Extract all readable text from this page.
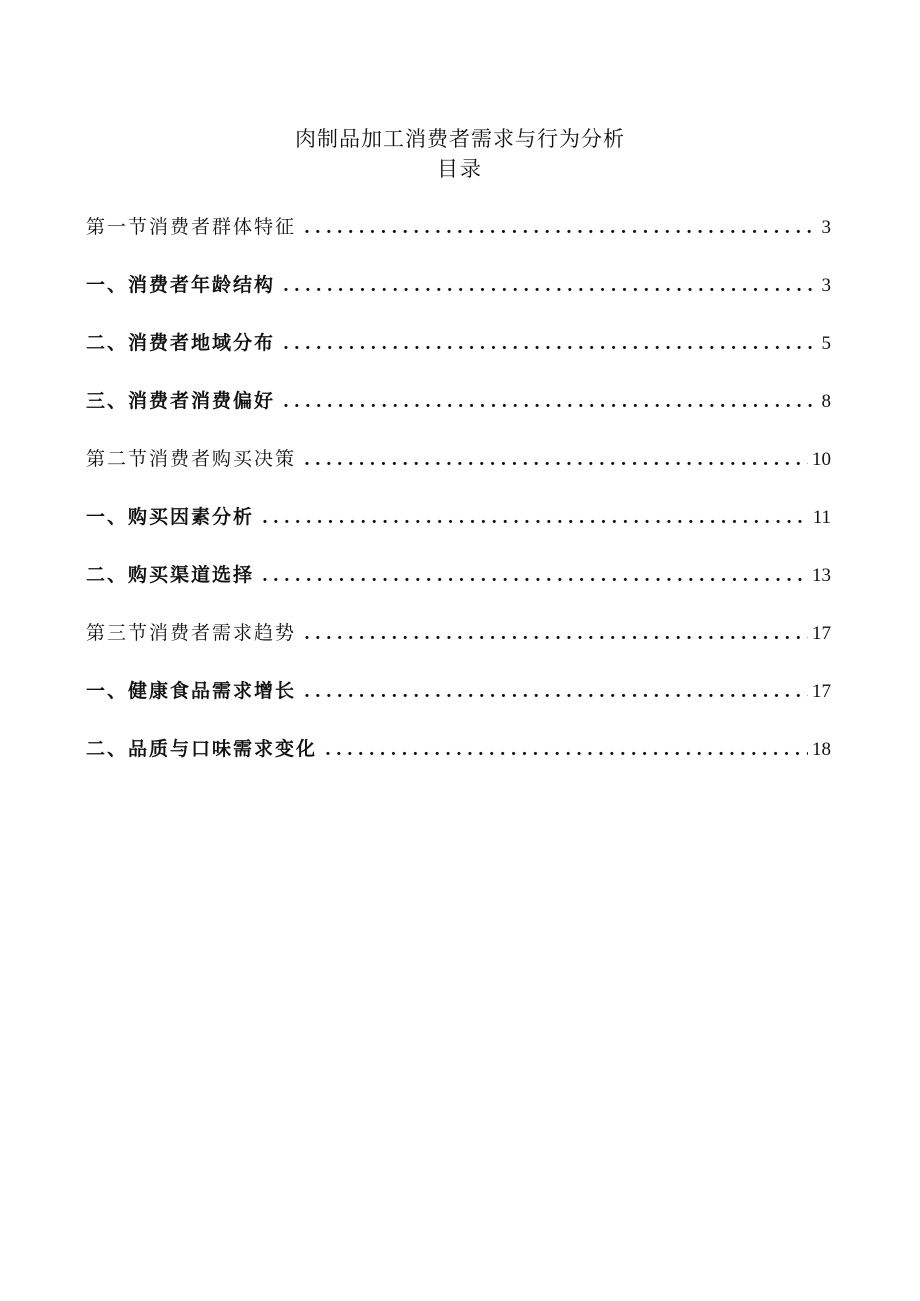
肉制品加工消费者需求与行为分析
目录
第一节消费者群体特征 .....	3
一、消费者年龄结构 .....	3
二、消费者地域分布 .....	5
三、消费者消费偏好 .....	8
第二节消费者购买决策 .....	10
一、购买因素分析 .....	11
二、购买渠道选择 .....	13
第三节消费者需求趋势 .....	17
一、健康食品需求增长 .....	17
二、品质与口味需求变化 .....	18
